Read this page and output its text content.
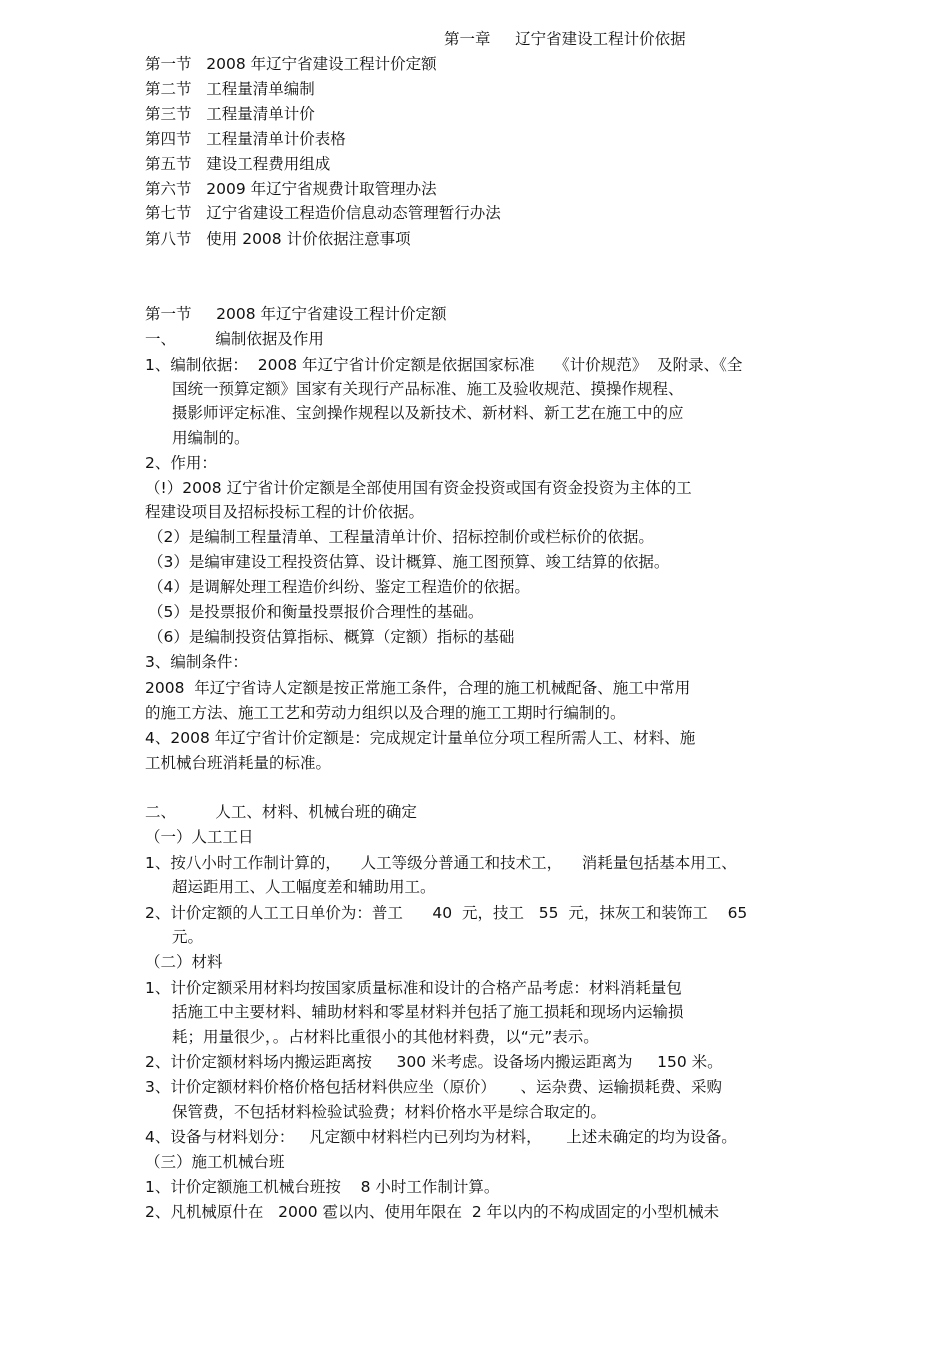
第一章     辽宁省建设工程计价依据
第一节   2008 年辽宁省建设工程计价定额
第二节   工程量清单编制
第三节   工程量清单计价
第四节   工程量清单计价表格
第五节   建设工程费用组成
第六节   2009 年辽宁省规费计取管理办法
第七节   辽宁省建设工程造价信息动态管理暂行办法
第八节   使用 2008 计价依据注意事项
第一节     2008 年辽宁省建设工程计价定额
一、        编制依据及作用
1、编制依据：  2008 年辽宁省计价定额是依据国家标准    《计价规范》  及附录、《全
国统一预算定额》国家有关现行产品标准、施工及验收规范、摸操作规程、
摄影师评定标准、宝剑操作规程以及新技术、新材料、新工艺在施工中的应
用编制的。
2、作用：
（!）2008 辽宁省计价定额是全部使用国有资金投资或国有资金投资为主体的工
程建设项目及招标投标工程的计价依据。
（2）是编制工程量清单、工程量清单计价、招标控制价或栏标价的依据。
（3）是编审建设工程投资估算、设计概算、施工图预算、竣工结算的依据。
（4）是调解处理工程造价纠纷、鉴定工程造价的依据。
（5）是投票报价和衡量投票报价合理性的基础。
（6）是编制投资估算指标、概算（定额）指标的基础
3、编制条件：
2008  年辽宁省诗人定额是按正常施工条件，合理的施工机械配备、施工中常用
的施工方法、施工工艺和劳动力组织以及合理的施工工期时行编制的。
4、2008 年辽宁省计价定额是：完成规定计量单位分项工程所需人工、材料、施
工机械台班消耗量的标准。
二、        人工、材料、机械台班的确定
（一）人工工日
1、按八小时工作制计算的，    人工等级分普通工和技术工，    消耗量包括基本用工、
超运距用工、人工幅度差和辅助用工。
2、计价定额的人工工日单价为：普工      40  元，技工   55  元，抹灰工和装饰工    65
元。
（二）材料
1、计价定额采用材料均按国家质量标准和设计的合格产品考虑：材料消耗量包
括施工中主要材料、辅助材料和零星材料并包括了施工损耗和现场内运输损
耗；用量很少，。占材料比重很小的其他材料费，以“元”表示。
2、计价定额材料场内搬运距离按     300 米考虑。设备场内搬运距离为     150 米。
3、计价定额材料价格价格包括材料供应坐（原价）     、运杂费、运输损耗费、采购
保管费，不包括材料检验试验费；材料价格水平是综合取定的。
4、设备与材料划分：   凡定额中材料栏内已列均为材料，     上述未确定的均为设备。
（三）施工机械台班
1、计价定额施工机械台班按    8 小时工作制计算。
2、凡机械原什在   2000 雹以内、使用年限在  2 年以内的不构成固定的小型机械未
